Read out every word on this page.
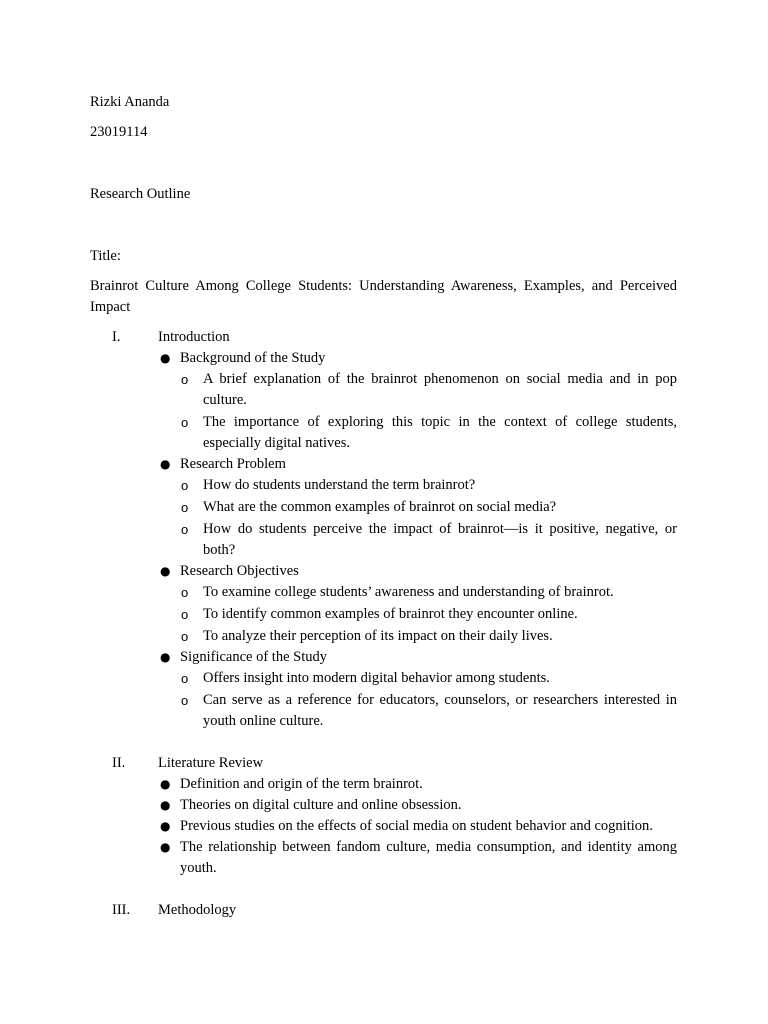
Rizki Ananda

23019114

Research Outline

Title:

Brainrot Culture Among College Students: Understanding Awareness, Examples, and Perceived Impact

I.	Introduction
● Background of the Study
o A brief explanation of the brainrot phenomenon on social media and in pop culture.
o The importance of exploring this topic in the context of college students, especially digital natives.
● Research Problem
o How do students understand the term brainrot?
o What are the common examples of brainrot on social media?
o How do students perceive the impact of brainrot—is it positive, negative, or both?
● Research Objectives
o To examine college students’ awareness and understanding of brainrot.
o To identify common examples of brainrot they encounter online.
o To analyze their perception of its impact on their daily lives.
● Significance of the Study
o Offers insight into modern digital behavior among students.
o Can serve as a reference for educators, counselors, or researchers interested in youth online culture.
II.	Literature Review
● Definition and origin of the term brainrot.
● Theories on digital culture and online obsession.
● Previous studies on the effects of social media on student behavior and cognition.
● The relationship between fandom culture, media consumption, and identity among youth.
III.	Methodology
